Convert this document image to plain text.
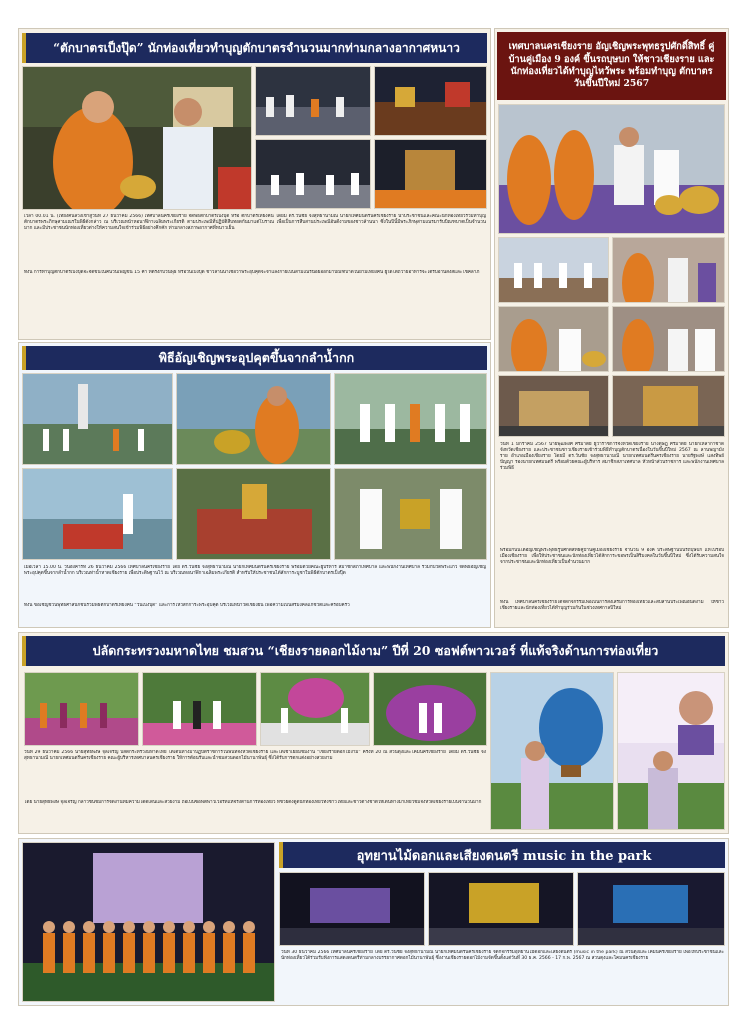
“ตักบาตรเป็งปุ๊ด” นักท่องเที่ยวทำบุญตักบาตรจำนวนมากท่ามกลางอากาศหนาว
เวลา 00.01 น. (เที่ยงคืนล่วงเข้าสู่วันที่ 27 ธันวาคม 2566) เทศบาลนครเชียงราย จัดพิธีตักบาตรเป็งปุ๊ด หรือ ตักบาตรเที่ยงคืน โดยมี ดร.วันชัย จงสุทธานามณี นายกเทศมนตรีนครเชียงราย นำประชาชนและคณะนักท่องเที่ยวร่วมทำบุญตักบาตรพระภิกษุสามเณรในพิธีดังกล่าว ณ บริเวณหน้าหอนาฬิกาเฉลิมพระเกียรติ ตามประเพณีที่ปฏิบัติสืบทอดกันมาแต่โบราณ เพื่อเป็นการสืบสานประเพณีอันดีงามของชาวล้านนา ซึ่งในปีนี้มีพระภิกษุสามเณรมารับบิณฑบาตเป็นจำนวนมาก และมีประชาชนนักท่องเที่ยวต่างให้ความสนใจเข้าร่วมพิธีอย่างคึกคัก ท่ามกลางสภาพอากาศที่หนาวเย็น
ทั้งนี้ การทำบุญตักบาตรเป็งปุ๊ดจะจัดขึ้นในคืนวันเพ็ญขึ้น 15 ค่ำ ที่ตรงกับวันพุธ หรือวันเป็งปุ๊ด ชาวล้านนาเชื่อว่าพระอุปคุตจะจำแลงกายเป็นสามเณรน้อยออกมาบิณฑบาตในยามเที่ยงคืน ผู้ใดได้ถวายอาหารจะได้รับอานิสงส์และโชคลาภ
เทศบาลนครเชียงราย อัญเชิญพระพุทธรูปศักดิ์สิทธิ์ คู่บ้านคู่เมือง 9 องค์ ขึ้นรถบุษบก ให้ชาวเชียงราย และนักท่องเที่ยวได้ทำบุญไหว้พระ พร้อมทำบุญ ตักบาตรวันขึ้นปีใหม่ 2567
วันที่ 1 มกราคม 2567 นายพุฒิพงศ์ ศิริมาตย์ ผู้ว่าราชการจังหวัดเชียงราย นางดุษฎี ศิริมาตย์ นายกเหล่ากาชาดจังหวัดเชียงราย และประชาชนชาวเชียงรายเข้าร่วมพิธีทำบุญตักบาตรเนื่องในวันขึ้นปีใหม่ 2567 ณ ลานพญามังราย อำเภอเมืองเชียงราย โดยมี ดร.วันชัย จงสุทธานามณี นายกเทศมนตรีนครเชียงราย นายรัฐพงษ์ แสงทิพย์ปัญญา รองนายกเทศมนตรี พร้อมด้วยคณะผู้บริหาร สมาชิกสภาเทศบาล หัวหน้าส่วนราชการ และพนักงานเทศบาลร่วมพิธี
พร้อมกันนี้ได้อัญเชิญพระพุทธรูปศักดิ์สิทธิ์คู่บ้านคู่เมืองเชียงราย จำนวน 9 องค์ ประดิษฐานบนรถบุษบก แห่ไปรอบเมืองเชียงราย เพื่อให้ประชาชนและนักท่องเที่ยวได้สักการะขอพรเป็นสิริมงคลในวันขึ้นปีใหม่ ซึ่งได้รับความสนใจจากประชาชนและนักท่องเที่ยวเป็นจำนวนมาก
ทั้งนี้ เทศบาลนครเชียงรายได้จัดกิจกรรมเพื่อเป็นการส่งเสริมการท่องเที่ยวและสืบสานประเพณีอันดีงาม ให้ชาวเชียงรายและนักท่องเที่ยวได้ทำบุญร่วมกันในช่วงเทศกาลปีใหม่
พิธีอัญเชิญพระอุปคุตขึ้นจากลำน้ำกก
เมื่อเวลา 15.00 น. วันอังคารที่ 26 ธันวาคม 2566 เทศบาลนครเชียงราย โดย ดร.วันชัย จงสุทธานามณี นายกเทศมนตรีนครเชียงราย พร้อมด้วยคณะผู้บริหาร สมาชิกสภาเทศบาล และพนักงานเทศบาล ร่วมกับวัดพระแก้ว จัดพิธีอัญเชิญพระอุปคุตขึ้นจากลำน้ำกก บริเวณท่าน้ำหาดเชียงราย เพื่อประดิษฐานไว้ ณ บริเวณหอนาฬิกาเฉลิมพระเกียรติ สำหรับให้ประชาชนได้สักการะบูชาในพิธีตักบาตรเป็งปุ๊ด
ทั้งนี้ ขอเชิญชวนพุทธศาสนิกชนร่วมพิธีตักบาตรเที่ยงคืน “วันเป็งปุ๊ด” และการไหว้สักการะพระอุปคุต บริเวณหน้าวัดเชียงยืน เพื่อความเป็นสิริมงคลแก่ชีวิตและครอบครัว
ปลัดกระทรวงมหาดไทย ชมสวน “เชียงรายดอกไม้งาม” ปีที่ 20 ซอฟต์พาวเวอร์ ที่แท้จริงด้านการท่องเที่ยว
วันที่ 29 ธันวาคม 2566 นายสุทธิพงษ์ จุลเจริญ ปลัดกระทรวงมหาดไทย ได้เดินทางมาปฏิบัติราชการในพื้นที่จังหวัดเชียงราย และได้เข้าเยี่ยมชมงาน “เชียงรายดอกไม้งาม” ครั้งที่ 20 ณ สวนตุงและโคมนครเชียงราย โดยมี ดร.วันชัย จงสุทธานามณี นายกเทศมนตรีนครเชียงราย คณะผู้บริหารเทศบาลนครเชียงราย ให้การต้อนรับและนำชมสวนดอกไม้นานาพันธุ์ ซึ่งได้รับการตกแต่งอย่างสวยงาม
โดย นายสุทธิพงษ์ จุลเจริญ กล่าวชื่นชมการจัดงานที่มีความโดดเด่นและสวยงาม ถือเป็นซอฟต์พาวเวอร์ที่แท้จริงด้านการท่องเที่ยว ที่ช่วยดึงดูดนักท่องเที่ยวทั้งชาวไทยและชาวต่างชาติให้เดินทางมาเที่ยวชมจังหวัดเชียงรายเป็นจำนวนมาก
อุทยานไม้ดอกและเสียงดนตรี music in the park
วันที่ 30 ธันวาคม 2566 เทศบาลนครเชียงราย โดย ดร.วันชัย จงสุทธานามณี นายกเทศมนตรีนครเชียงราย จัดกิจกรรมอุทยานไม้ดอกและเสียงดนตรี (music in the park) ณ สวนตุงและโคมนครเชียงราย เพื่อให้ประชาชนและนักท่องเที่ยวได้ร่วมรับฟังการแสดงดนตรีท่ามกลางบรรยากาศดอกไม้นานาพันธุ์ ซึ่งงานเชียงรายดอกไม้งามจัดขึ้นตั้งแต่วันที่ 30 ธ.ค. 2566 - 17 ก.พ. 2567 ณ สวนตุงและโคมนครเชียงราย
